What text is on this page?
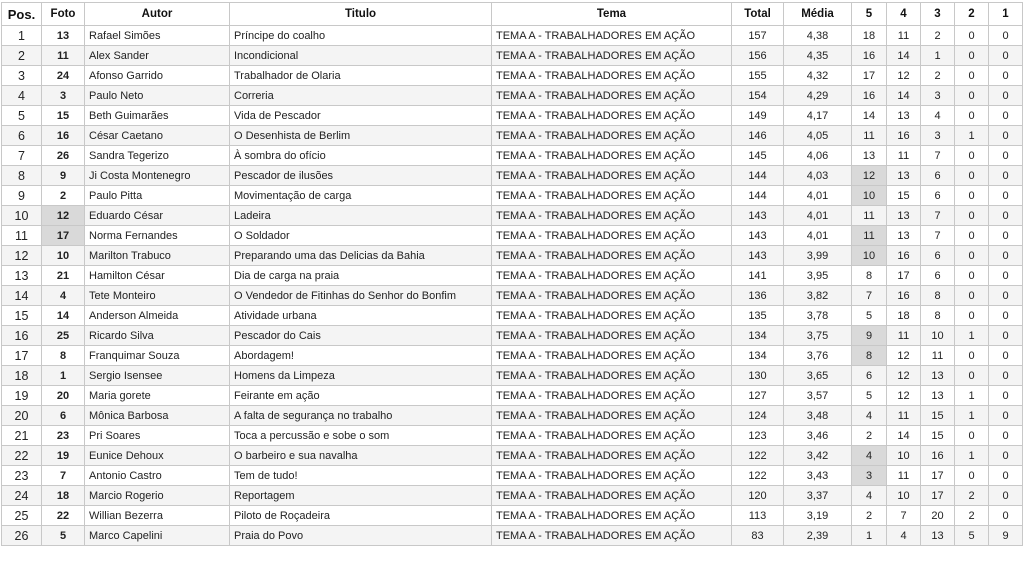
Pos.	Foto	Autor	Titulo	Tema	Total	Média	5	4	3	2	1
1	13	Rafael Simões	Príncipe do coalho	TEMA A - TRABALHADORES EM AÇÃO	157	4,38	18	11	2	0	0
2	11	Alex Sander	Incondicional	TEMA A - TRABALHADORES EM AÇÃO	156	4,35	16	14	1	0	0
3	24	Afonso Garrido	Trabalhador de Olaria	TEMA A - TRABALHADORES EM AÇÃO	155	4,32	17	12	2	0	0
4	3	Paulo Neto	Correria	TEMA A - TRABALHADORES EM AÇÃO	154	4,29	16	14	3	0	0
5	15	Beth Guimarães	Vida de Pescador	TEMA A - TRABALHADORES EM AÇÃO	149	4,17	14	13	4	0	0
6	16	César Caetano	O Desenhista de Berlim	TEMA A - TRABALHADORES EM AÇÃO	146	4,05	11	16	3	1	0
7	26	Sandra Tegerizo	À sombra do ofício	TEMA A - TRABALHADORES EM AÇÃO	145	4,06	13	11	7	0	0
8	9	Ji Costa Montenegro	Pescador de ilusões	TEMA A - TRABALHADORES EM AÇÃO	144	4,03	12	13	6	0	0
9	2	Paulo Pitta	Movimentação de carga	TEMA A - TRABALHADORES EM AÇÃO	144	4,01	10	15	6	0	0
10	12	Eduardo César	Ladeira	TEMA A - TRABALHADORES EM AÇÃO	143	4,01	11	13	7	0	0
11	17	Norma Fernandes	O Soldador	TEMA A - TRABALHADORES EM AÇÃO	143	4,01	11	13	7	0	0
12	10	Marilton Trabuco	Preparando uma das Delicias da Bahia	TEMA A - TRABALHADORES EM AÇÃO	143	3,99	10	16	6	0	0
13	21	Hamilton César	Dia de carga na praia	TEMA A - TRABALHADORES EM AÇÃO	141	3,95	8	17	6	0	0
14	4	Tete Monteiro	O Vendedor de Fitinhas do Senhor do Bonfim	TEMA A - TRABALHADORES EM AÇÃO	136	3,82	7	16	8	0	0
15	14	Anderson Almeida	Atividade urbana	TEMA A - TRABALHADORES EM AÇÃO	135	3,78	5	18	8	0	0
16	25	Ricardo Silva	Pescador do Cais	TEMA A - TRABALHADORES EM AÇÃO	134	3,75	9	11	10	1	0
17	8	Franquimar Souza	Abordagem!	TEMA A - TRABALHADORES EM AÇÃO	134	3,76	8	12	11	0	0
18	1	Sergio Isensee	Homens da Limpeza	TEMA A - TRABALHADORES EM AÇÃO	130	3,65	6	12	13	0	0
19	20	Maria gorete	Feirante em ação	TEMA A - TRABALHADORES EM AÇÃO	127	3,57	5	12	13	1	0
20	6	Mônica Barbosa	A falta de segurança no trabalho	TEMA A - TRABALHADORES EM AÇÃO	124	3,48	4	11	15	1	0
21	23	Pri Soares	Toca a percussão e sobe o som	TEMA A - TRABALHADORES EM AÇÃO	123	3,46	2	14	15	0	0
22	19	Eunice Dehoux	O barbeiro e sua navalha	TEMA A - TRABALHADORES EM AÇÃO	122	3,42	4	10	16	1	0
23	7	Antonio Castro	Tem de tudo!	TEMA A - TRABALHADORES EM AÇÃO	122	3,43	3	11	17	0	0
24	18	Marcio Rogerio	Reportagem	TEMA A - TRABALHADORES EM AÇÃO	120	3,37	4	10	17	2	0
25	22	Willian Bezerra	Piloto de Roçadeira	TEMA A - TRABALHADORES EM AÇÃO	113	3,19	2	7	20	2	0
26	5	Marco Capelini	Praia do Povo	TEMA A - TRABALHADORES EM AÇÃO	83	2,39	1	4	13	5	9
